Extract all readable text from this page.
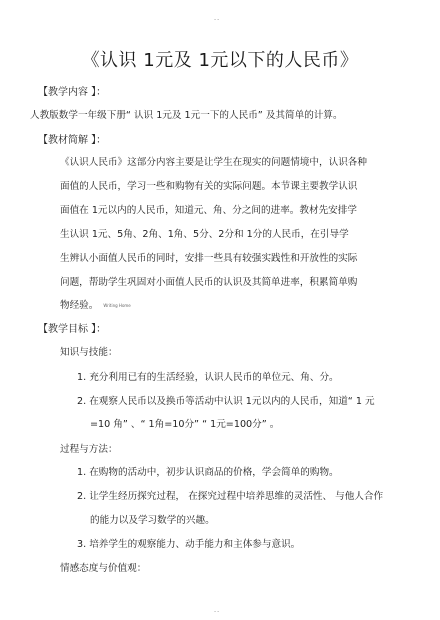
--
《认识 1元及 1元以下的人民币》
【教学内容 】：
人教版数学一年级下册“ 认识 1元及 1元一下的人民币” 及其简单的计算。
【教材简解 】：
《认识人民币》这部分内容主要是让学生在现实的问题情境中，认识各种
面值的人民币，学习一些和购物有关的实际问题。本节课主要教学认识
面值在 1元以内的人民币，知道元、角、分之间的进率。教材先安排学
生认识 1元、5角、2角、1角、5分、2分和 1分的人民币，在引导学
生辨认小面值人民币的同时，安排一些具有较强实践性和开放性的实际
问题，帮助学生巩固对小面值人民币的认识及其简单进率，积累简单购
物经验。 Writing Home
【教学目标 】：
知识与技能：
1. 充分利用已有的生活经验，认识人民币的单位元、角、分。
2. 在观察人民币以及换币等活动中认识 1元以内的人民币，知道“ 1 元
=10 角” 、“ 1角=10分” “ 1元=100分” 。
过程与方法：
1. 在购物的活动中，初步认识商品的价格，学会简单的购物。
2. 让学生经历探究过程， 在探究过程中培养思维的灵活性、 与他人合作
的能力以及学习数学的兴趣。
3. 培养学生的观察能力、动手能力和主体参与意识。
情感态度与价值观：
--
